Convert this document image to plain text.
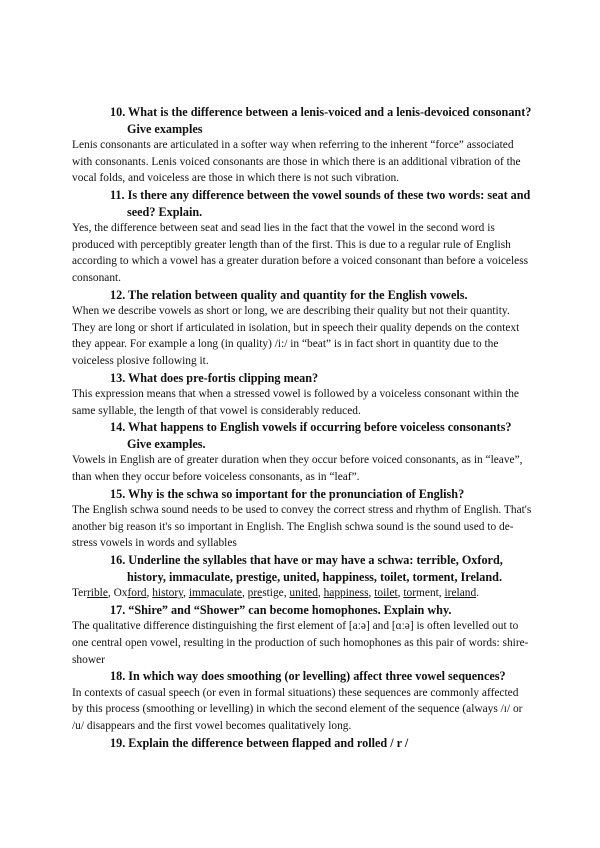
10. What is the difference between a lenis-voiced and a lenis-devoiced consonant? Give examples

Lenis consonants are articulated in a softer way when referring to the inherent “force” associated with consonants. Lenis voiced consonants are those in which there is an additional vibration of the vocal folds, and voiceless are those in which there is not such vibration.

11. Is there any difference between the vowel sounds of these two words: seat and seed? Explain.

Yes, the difference between seat and sead lies in the fact that the vowel in the second word is produced with perceptibly greater length than of the first. This is due to a regular rule of English according to which a vowel has a greater duration before a voiced consonant than before a voiceless consonant.

12. The relation between quality and quantity for the English vowels.

When we describe vowels as short or long, we are describing their quality but not their quantity. They are long or short if articulated in isolation, but in speech their quality depends on the context they appear. For example a long (in quality) /i:/ in “beat” is in fact short in quantity due to the voiceless plosive following it.

13. What does pre-fortis clipping mean?

This expression means that when a stressed vowel is followed by a voiceless consonant within the same syllable, the length of that vowel is considerably reduced.

14. What happens to English vowels if occurring before voiceless consonants? Give examples.

Vowels in English are of greater duration when they occur before voiced consonants, as in “leave”, than when they occur before voiceless consonants, as in “leaf”.

15. Why is the schwa so important for the pronunciation of English?

The English schwa sound needs to be used to convey the correct stress and rhythm of English. That's another big reason it's so important in English. The English schwa sound is the sound used to de- stress vowels in words and syllables

16. Underline the syllables that have or may have a schwa: terrible, Oxford, history, immaculate, prestige, united, happiness, toilet, torment, Ireland.

Terrible, Oxford, history, immaculate, prestige, united, happiness, toilet, torment, ireland.

17. “Shire” and “Shower” can become homophones. Explain why.

The qualitative difference distinguishing the first element of [aːə] and [ɑːə] is often levelled out to one central open vowel, resulting in the production of such homophones as this pair of words: shire-shower

18. In which way does smoothing (or levelling) affect three vowel sequences?

In contexts of casual speech (or even in formal situations) these sequences are commonly affected by this process (smoothing or levelling) in which the second element of the sequence (always /ɪ/ or /u/ disappears and the first vowel becomes qualitatively long.

19. Explain the difference between flapped and rolled / r /
